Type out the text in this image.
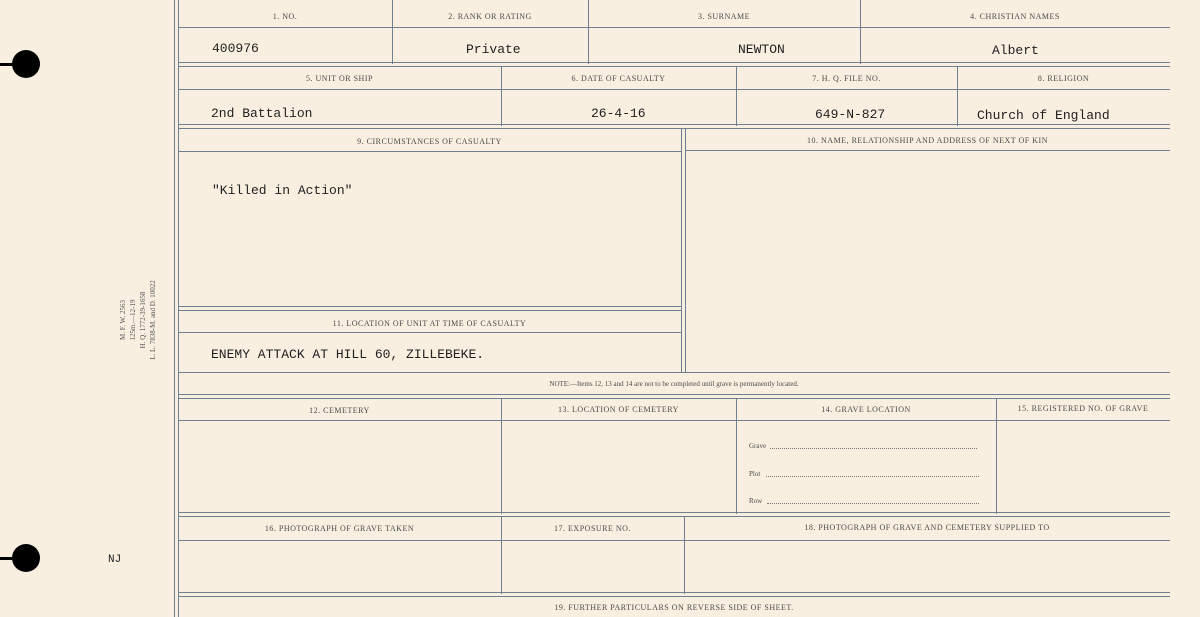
M. F. W. 2563 125m.—12-19 H. Q. 1772-39-1658 L. L. 7838-M. and D. 10022
NJ
1. NO.	2. RANK OR RATING	3. SURNAME	4. CHRISTIAN NAMES
400976	Private	NEWTON	Albert
5. UNIT OR SHIP	6. DATE OF CASUALTY	7. H. Q. FILE NO.	8. RELIGION
2nd Battalion	26-4-16	649-N-827	Church of England
9. CIRCUMSTANCES OF CASUALTY	10. NAME, RELATIONSHIP AND ADDRESS OF NEXT OF KIN
"Killed in Action"
11. LOCATION OF UNIT AT TIME OF CASUALTY
ENEMY ATTACK AT HILL 60, ZILLEBEKE.
NOTE:—Items 12, 13 and 14 are not to be completed until grave is permanently located.
12. CEMETERY	13. LOCATION OF CEMETERY	14. GRAVE LOCATION	15. REGISTERED NO. OF GRAVE
Grave
Plot
Row
16. PHOTOGRAPH OF GRAVE TAKEN	17. EXPOSURE NO.	18. PHOTOGRAPH OF GRAVE AND CEMETERY SUPPLIED TO
19. FURTHER PARTICULARS ON REVERSE SIDE OF SHEET.
